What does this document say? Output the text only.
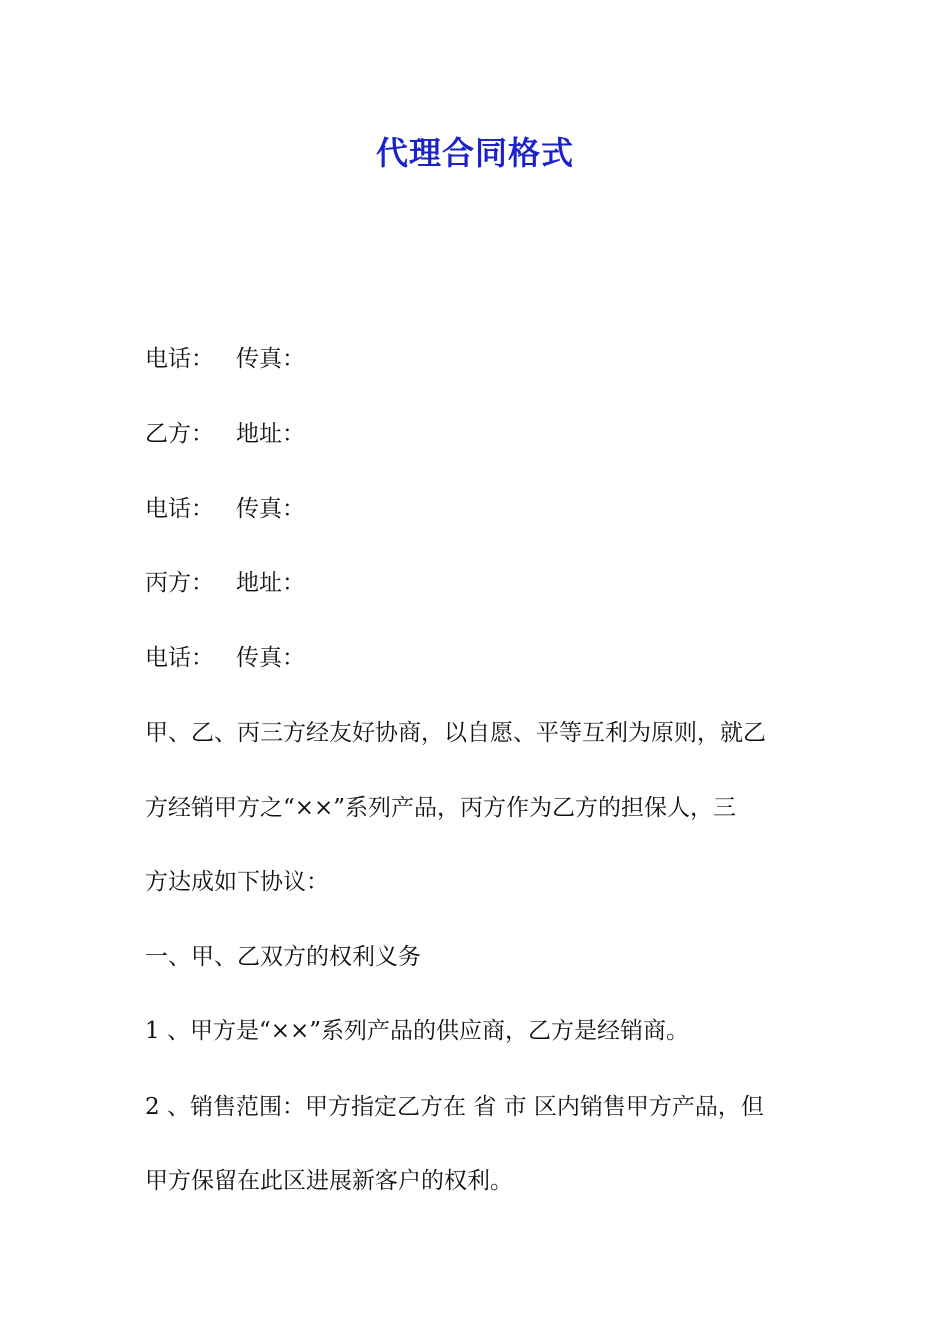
代理合同格式

电话： 传真：

乙方： 地址：

电话： 传真：

丙方： 地址：

电话： 传真：

甲、乙、丙三方经友好协商，以自愿、平等互利为原则，就乙

方经销甲方之“××”系列产品，丙方作为乙方的担保人，三

方达成如下协议：

一、甲、乙双方的权利义务

1 、甲方是“××”系列产品的供应商，乙方是经销商。

2 、销售范围：甲方指定乙方在 省 市 区内销售甲方产品，但

甲方保留在此区进展新客户的权利。
